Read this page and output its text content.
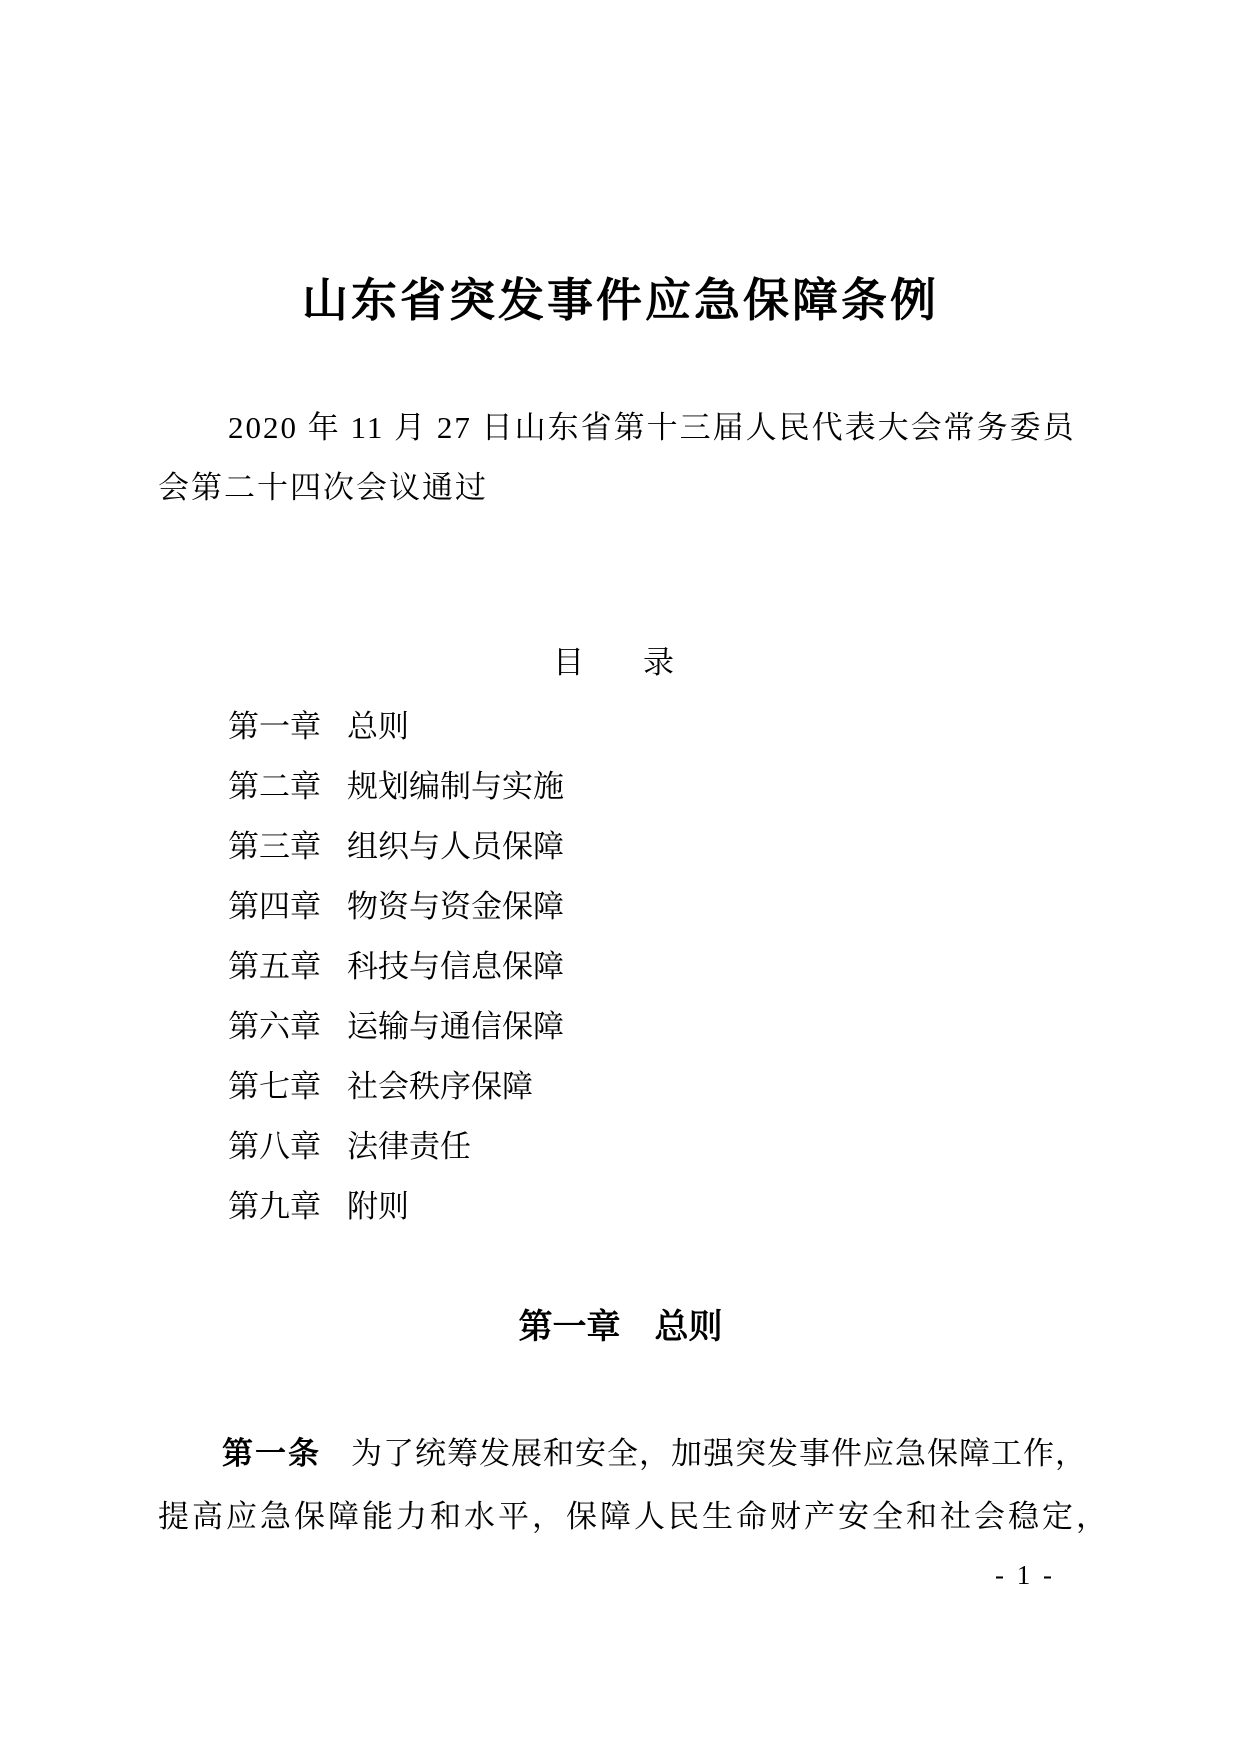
山东省突发事件应急保障条例
2020 年 11 月 27 日山东省第十三届人民代表大会常务委员
会第二十四次会议通过
目　录
第一章 总则
第二章 规划编制与实施
第三章 组织与人员保障
第四章 物资与资金保障
第五章 科技与信息保障
第六章 运输与通信保障
第七章 社会秩序保障
第八章 法律责任
第九章 附则
第一章　总则
第一条 为了统筹发展和安全，加强突发事件应急保障工作，
提高应急保障能力和水平，保障人民生命财产安全和社会稳定，
- 1 -
